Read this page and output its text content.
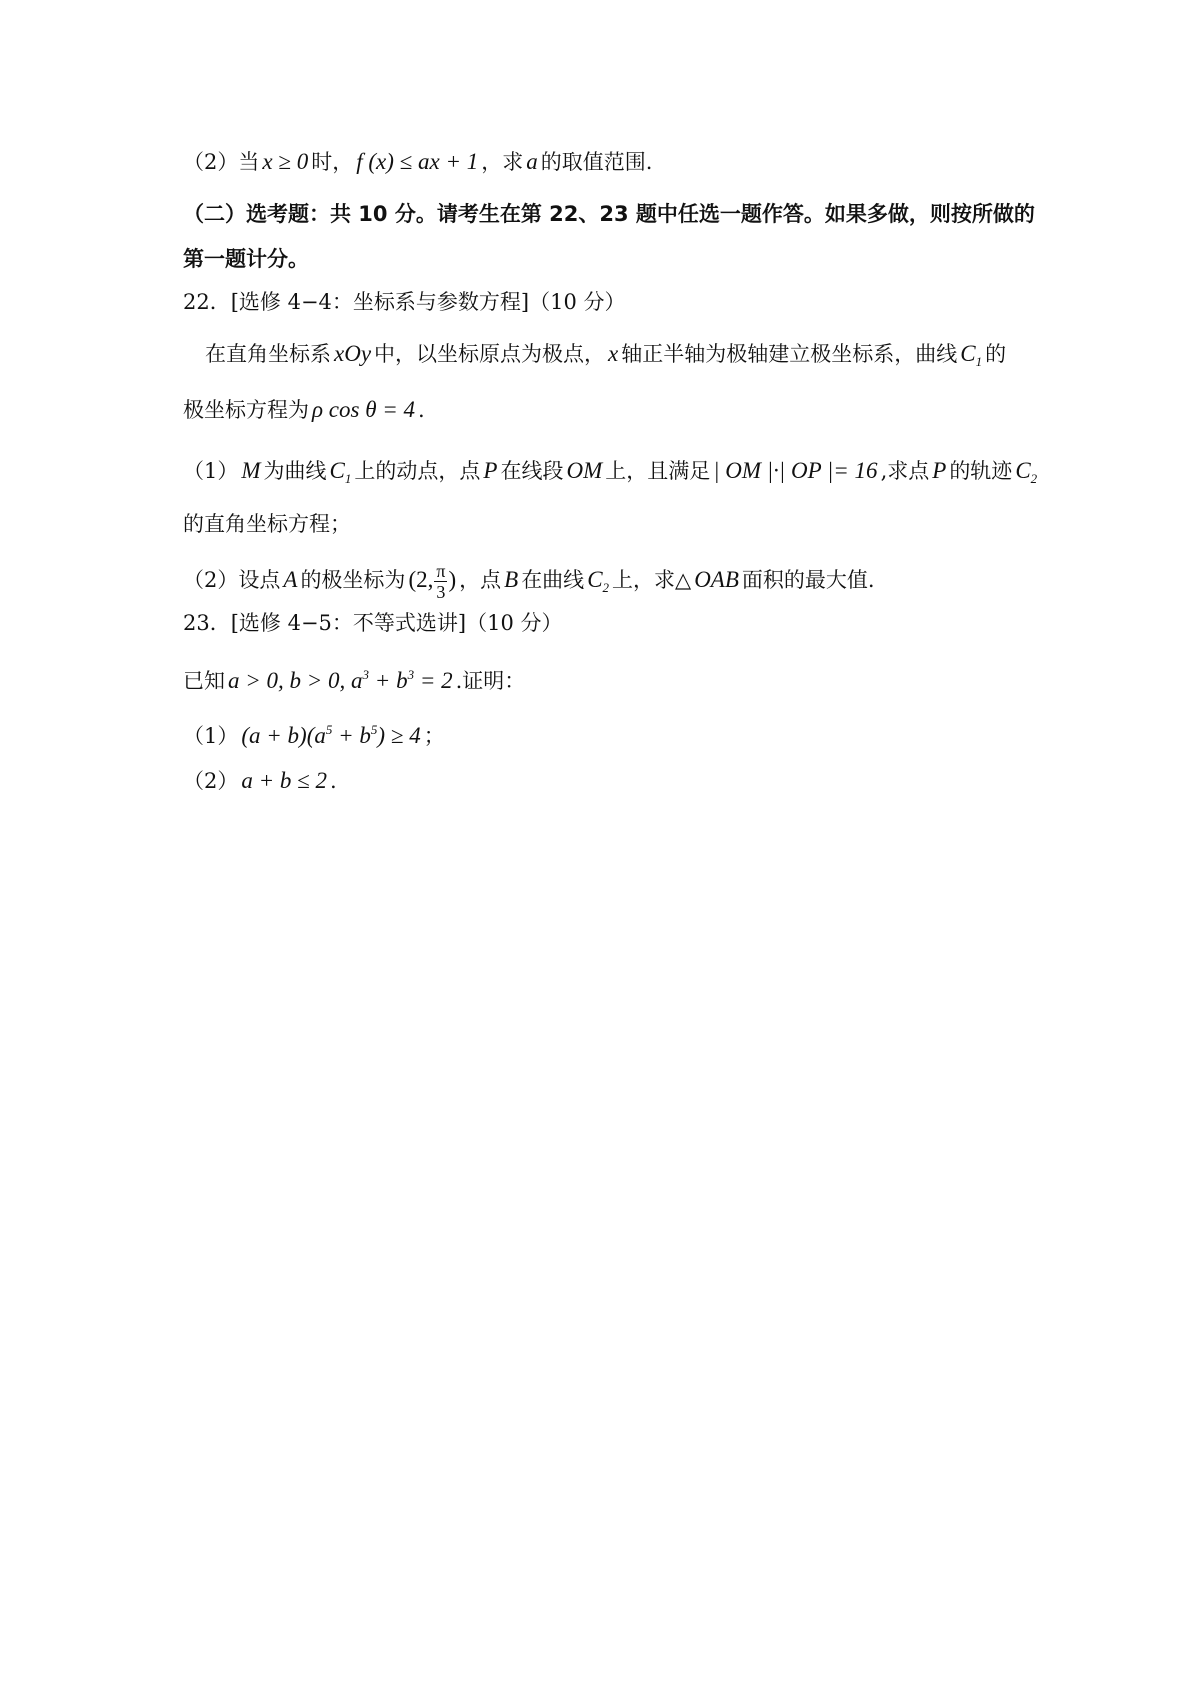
（2）当 x ≥ 0 时， f (x) ≤ ax + 1 ，求 a 的取值范围.
（二）选考题：共 10 分。请考生在第 22、23 题中任选一题作答。如果多做，则按所做的
第一题计分。
22．[选修 4−4：坐标系与参数方程]（10 分）
在直角坐标系 xOy 中，以坐标原点为极点， x 轴正半轴为极轴建立极坐标系，曲线 $C_1$ 的
极坐标方程为 ρ cos θ = 4 .
（1） M 为曲线 $C_1$ 上的动点，点 P 在线段 OM 上，且满足 | OM |·| OP |= 16 ,求点 P 的轨迹 $C_2$
的直角坐标方程；
（2）设点 A 的极坐标为 (2, $\frac{\pi}{3}$ ) ，点 B 在曲线 $C_2$ 上，求△ OAB 面积的最大值.
23．[选修 4−5：不等式选讲]（10 分）
已知 a > 0, b > 0, $a^3 + b^3 = 2$ .证明：
（1） $(a + b)(a^5 + b^5) \ge 4$ ；
（2） a + b ≤ 2 .
